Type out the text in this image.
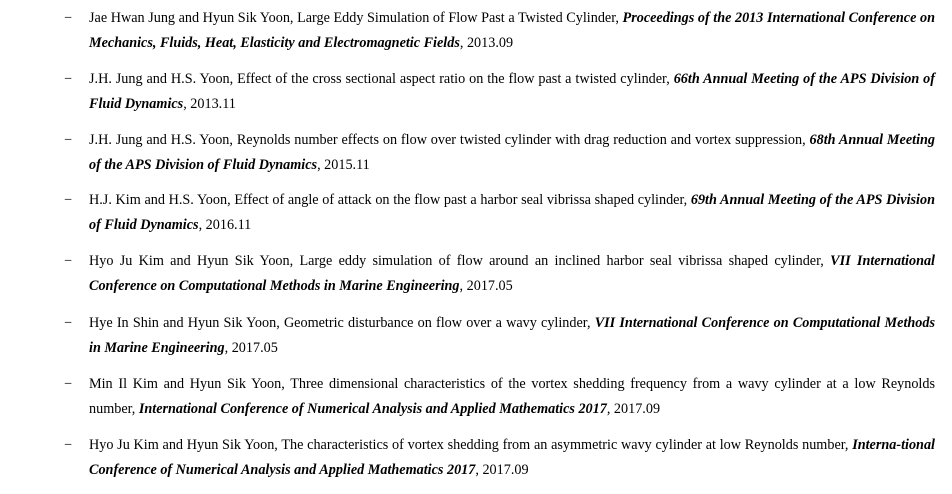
− Jae Hwan Jung and Hyun Sik Yoon, Large Eddy Simulation of Flow Past a Twisted Cylinder, Proceedings of the 2013 International Conference on Mechanics, Fluids, Heat, Elasticity and Electromagnetic Fields, 2013.09
− J.H. Jung and H.S. Yoon, Effect of the cross sectional aspect ratio on the flow past a twisted cylinder, 66th Annual Meeting of the APS Division of Fluid Dynamics, 2013.11
− J.H. Jung and H.S. Yoon, Reynolds number effects on flow over twisted cylinder with drag reduction and vortex suppression, 68th Annual Meeting of the APS Division of Fluid Dynamics, 2015.11
− H.J. Kim and H.S. Yoon, Effect of angle of attack on the flow past a harbor seal vibrissa shaped cylinder, 69th Annual Meeting of the APS Division of Fluid Dynamics, 2016.11
− Hyo Ju Kim and Hyun Sik Yoon, Large eddy simulation of flow around an inclined harbor seal vibrissa shaped cylinder, VII International Conference on Computational Methods in Marine Engineering, 2017.05
− Hye In Shin and Hyun Sik Yoon, Geometric disturbance on flow over a wavy cylinder, VII International Conference on Computational Methods in Marine Engineering, 2017.05
− Min Il Kim and Hyun Sik Yoon, Three dimensional characteristics of the vortex shedding frequency from a wavy cylinder at a low Reynolds number, International Conference of Numerical Analysis and Applied Mathematics 2017, 2017.09
− Hyo Ju Kim and Hyun Sik Yoon, The characteristics of vortex shedding from an asymmetric wavy cylinder at low Reynolds number, Interna-tional Conference of Numerical Analysis and Applied Mathematics 2017, 2017.09
